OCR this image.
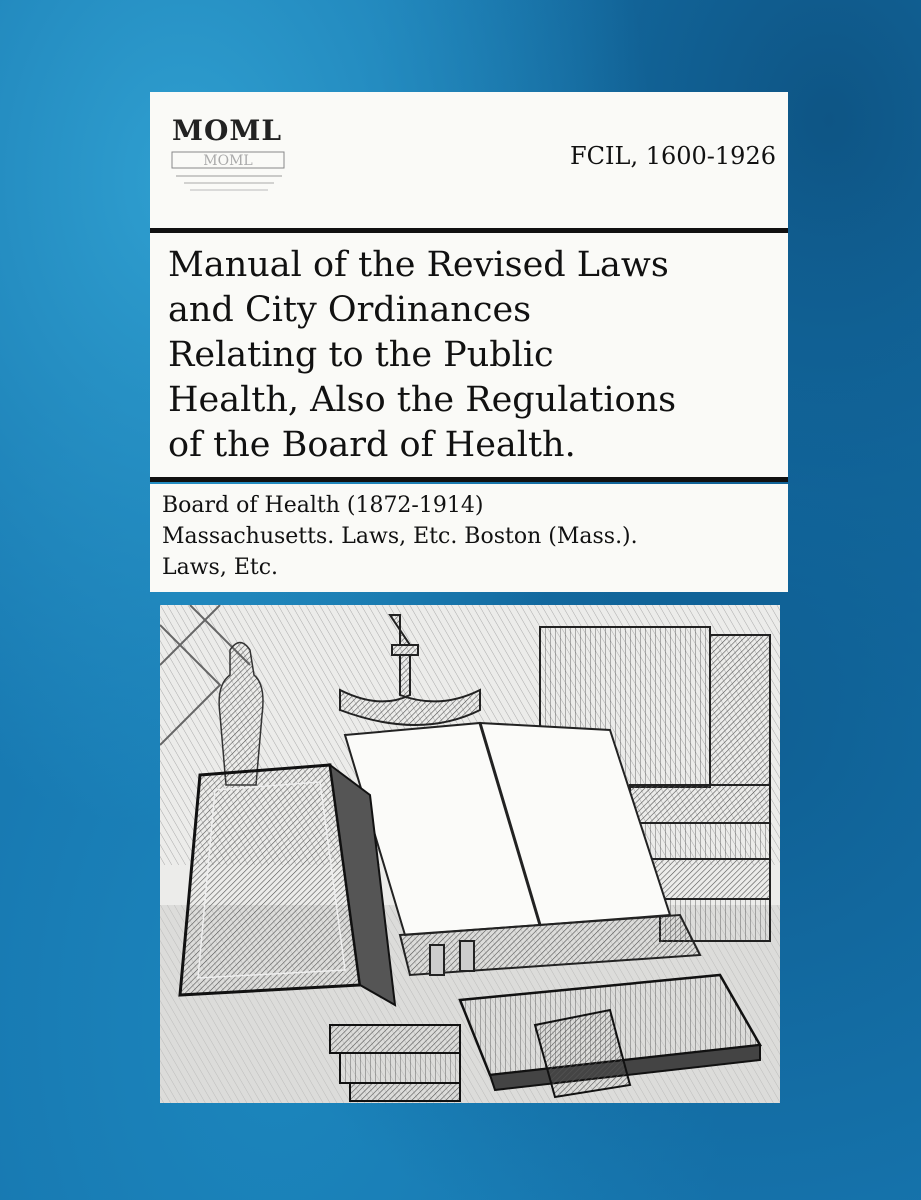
MOML
MOML	FCIL, 1600-1926
Manual of the Revised Laws
and City Ordinances
Relating to the Public
Health, Also the Regulations
of the Board of Health.
Board of Health (1872-1914)
Massachusetts. Laws, Etc. Boston (Mass.).
Laws, Etc.
